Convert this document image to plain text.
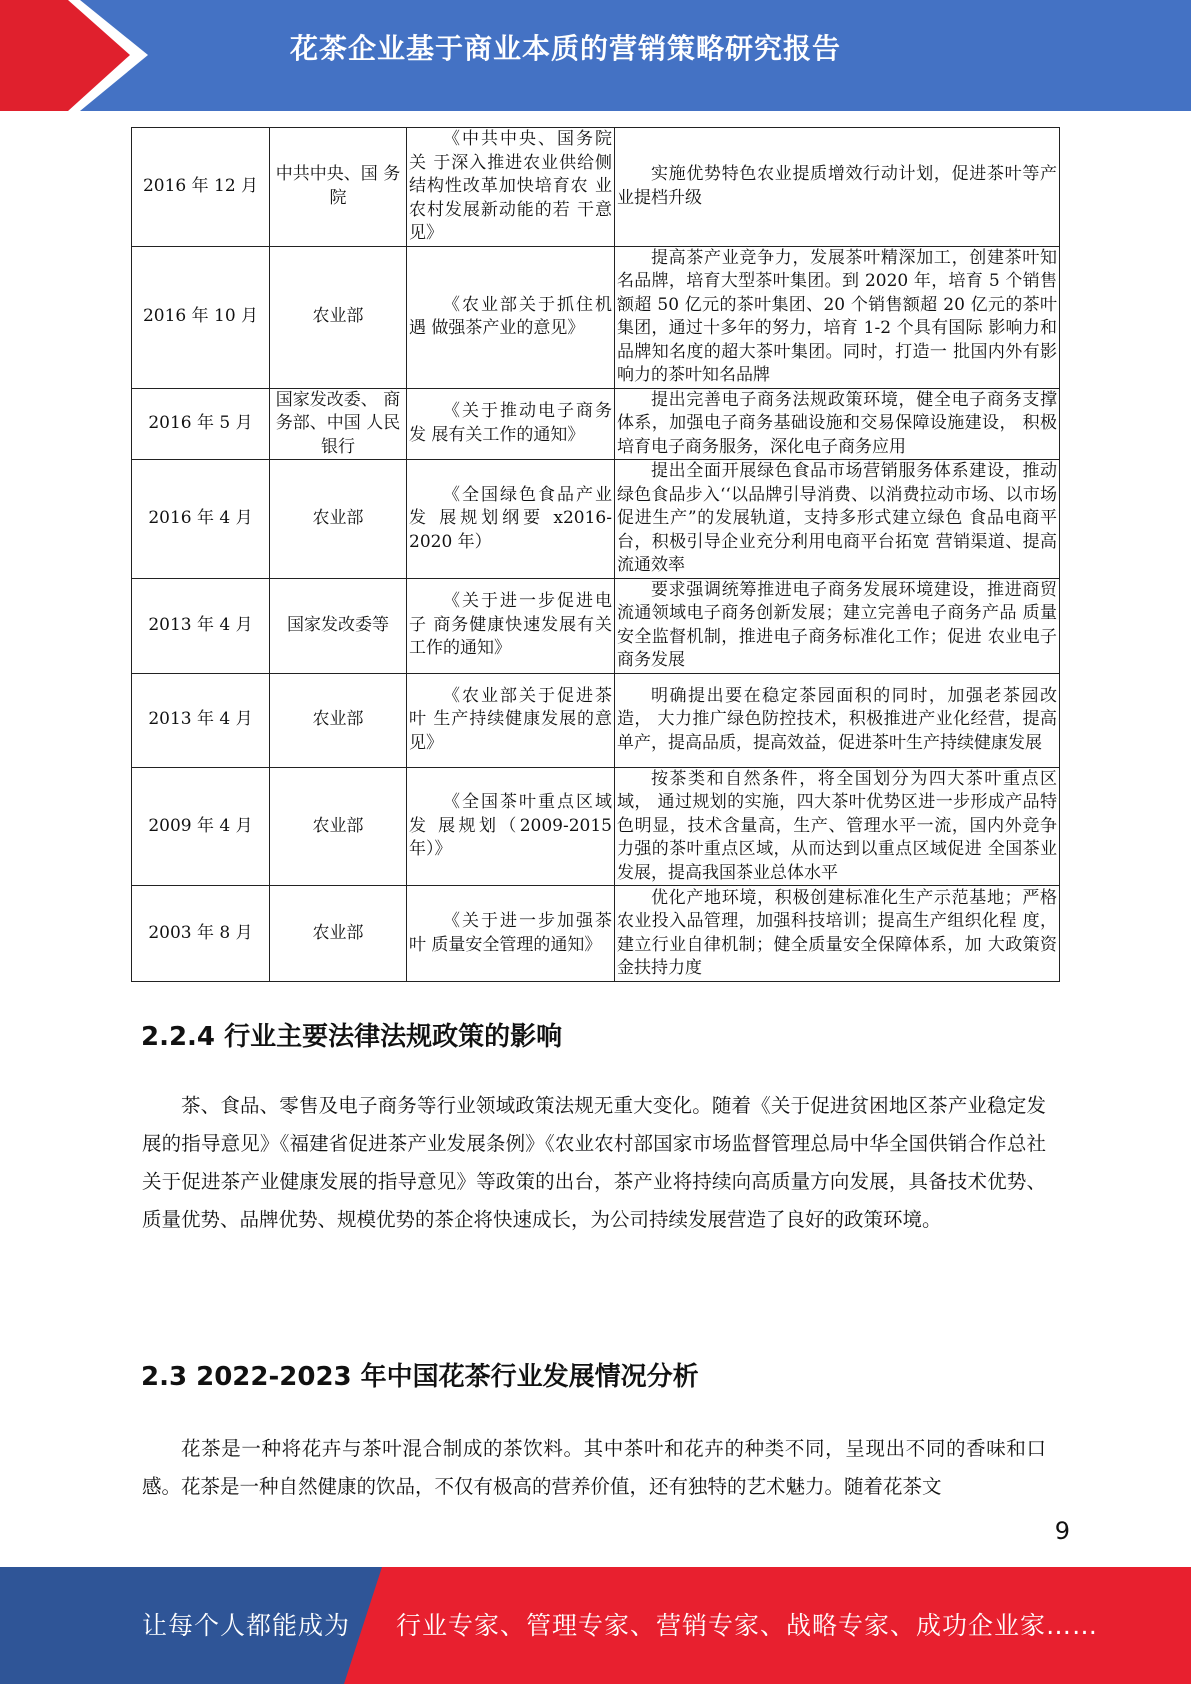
花茶企业基于商业本质的营销策略研究报告
2016 年 12 月	中共中央、国 务院	《中共中央、国务院关 于深入推进农业供给侧 结构性改革加快培育农 业农村发展新动能的若 干意见》	实施优势特色农业提质增效行动计划，促进茶叶等产业提档升级
2016 年 10 月	农业部	《农业部关于抓住机遇 做强茶产业的意见》	提高茶产业竞争力，发展茶叶精深加工，创建茶叶知名品牌，培育大型茶叶集团。到 2020 年，培育 5 个销售额超 50 亿元的茶叶集团、20 个销售额超 20 亿元的茶叶集团，通过十多年的努力，培育 1-2 个具有国际 影响力和品牌知名度的超大茶叶集团。同时，打造一 批国内外有影响力的茶叶知名品牌
2016 年 5 月	国家发改委、 商务部、中国 人民银行	《关于推动电子商务发 展有关工作的通知》	提出完善电子商务法规政策环境，健全电子商务支撑体系，加强电子商务基础设施和交易保障设施建设， 积极培育电子商务服务，深化电子商务应用
2016 年 4 月	农业部	《全国绿色食品产业发 展规划纲要 x2016-2020 年）	提出全面开展绿色食品市场营销服务体系建设，推动绿色食品步入‘‘以品牌引导消费、以消费拉动市场、以市场促进生产”的发展轨道，支持多形式建立绿色 食品电商平台，积极引导企业充分利用电商平台拓宽 营销渠道、提高流通效率
2013 年 4 月	国家发改委等	《关于进一步促进电子 商务健康快速发展有关 工作的通知》	要求强调统筹推进电子商务发展环境建设，推进商贸流通领域电子商务创新发展；建立完善电子商务产品 质量安全监督机制，推进电子商务标准化工作；促进 农业电子商务发展
2013 年 4 月	农业部	《农业部关于促进茶叶 生产持续健康发展的意 见》	明确提出要在稳定茶园面积的同时，加强老茶园改造， 大力推广绿色防控技术，积极推进产业化经营，提高 单产，提高品质，提高效益，促进茶叶生产持续健康发展
2009 年 4 月	农业部	《全国茶叶重点区域发 展规划（2009-2015 年）》	按茶类和自然条件，将全国划分为四大茶叶重点区域， 通过规划的实施，四大茶叶优势区进一步形成产品特 色明显，技术含量高，生产、管理水平一流，国内外竞争力强的茶叶重点区域，从而达到以重点区域促进 全国茶业发展，提高我国茶业总体水平
2003 年 8 月	农业部	《关于进一步加强茶叶 质量安全管理的通知》	优化产地环境，积极创建标准化生产示范基地；严格农业投入品管理，加强科技培训；提高生产组织化程 度，建立行业自律机制；健全质量安全保障体系，加 大政策资金扶持力度
2.2.4 行业主要法律法规政策的影响

茶、食品、零售及电子商务等行业领域政策法规无重大变化。随着《关于促进贫困地区茶产业稳定发展的指导意见》《福建省促进茶产业发展条例》《农业农村部国家市场监督管理总局中华全国供销合作总社关于促进茶产业健康发展的指导意见》等政策的出台，茶产业将持续向高质量方向发展，具备技术优势、质量优势、品牌优势、规模优势的茶企将快速成长，为公司持续发展营造了良好的政策环境。

2.3 2022-2023 年中国花茶行业发展情况分析

花茶是一种将花卉与茶叶混合制成的茶饮料。其中茶叶和花卉的种类不同，呈现出不同的香味和口感。花茶是一种自然健康的饮品，不仅有极高的营养价值，还有独特的艺术魅力。随着花茶文

9
让每个人都能成为 行业专家、管理专家、营销专家、战略专家、成功企业家……
